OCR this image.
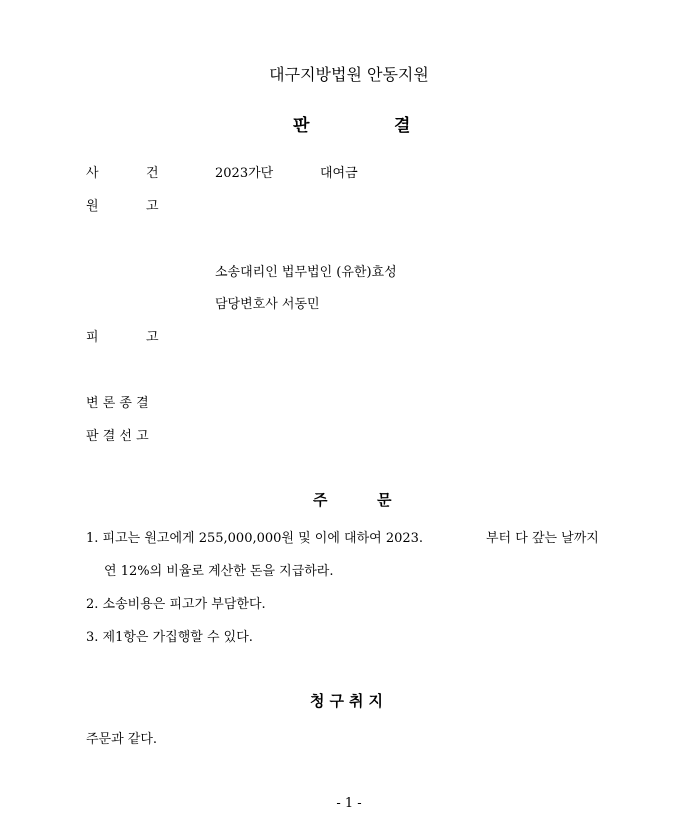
대구지방법원 안동지원
판	결
사	건	2023가단	대여금
원	고
소송대리인 법무법인 (유한)효성
담당변호사 서동민
피	고
변 론 종 결
판 결 선 고
주	문
1. 피고는 원고에게 255,000,000원 및 이에 대하여 2023.	부터 다 갚는 날까지
연 12%의 비율로 계산한 돈을 지급하라.
2. 소송비용은 피고가 부담한다.
3. 제1항은 가집행할 수 있다.
청구취지
주문과 같다.
- 1 -
